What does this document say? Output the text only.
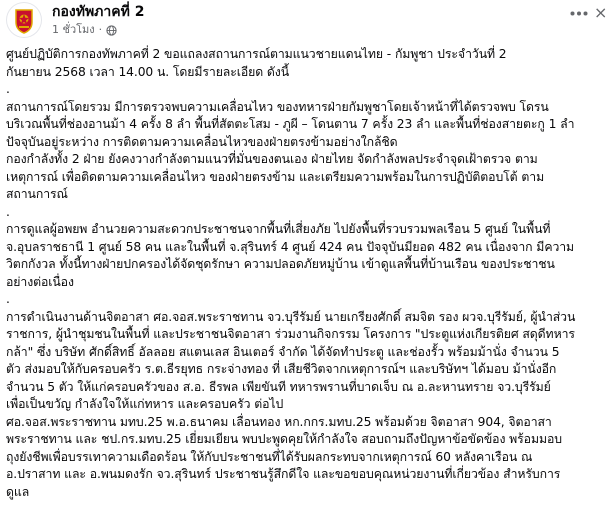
กองทัพภาคที่ 2
1 ชั่วโมง ·
×

ศูนย์ปฏิบัติการกองทัพภาคที่ 2 ขอแถลงสถานการณ์ตามแนวชายแดนไทย - กัมพูชา ประจำวันที่ 2

กันยายน 2568 เวลา 14.00 น. โดยมีรายละเอียด ดังนี้

.

สถานการณ์โดยรวม มีการตรวจพบความเคลื่อนไหว ของทหารฝ่ายกัมพูชาโดยเจ้าหน้าที่ได้ตรวจพบ โดรน

บริเวณพื้นที่ช่องอานม้า 4 ครั้ง 8 ลำ พื้นที่สัตตะโสม - ภูผี – โดนตาน 7 ครั้ง 23 ลำ และพื้นที่ช่องสายตะกู 1 ลำ

ปัจจุบันอยู่ระหว่าง การติดตามความเคลื่อนไหวของฝ่ายตรงข้ามอย่างใกล้ชิด

กองกำลังทั้ง 2 ฝ่าย ยังคงวางกำลังตามแนวที่มั่นของตนเอง ฝ่ายไทย จัดกำลังพลประจำจุดเฝ้าตรวจ ตาม

เหตุการณ์ เพื่อติดตามความเคลื่อนไหว ของฝ่ายตรงข้าม และเตรียมความพร้อมในการปฏิบัติตอบโต้ ตาม

สถานการณ์

.

การดูแลผู้อพยพ อำนวยความสะดวกประชาชนจากพื้นที่เสี่ยงภัย ไปยังพื้นที่รวบรวมพลเรือน 5 ศูนย์ ในพื้นที่

จ.อุบลราชธานี 1 ศูนย์ 58 คน และในพื้นที่ จ.สุรินทร์ 4 ศูนย์ 424 คน ปัจจุบันมียอด 482 คน เนื่องจาก มีความ

วิตกกังวล ทั้งนี้ทางฝ่ายปกครองได้จัดชุดรักษา ความปลอดภัยหมู่บ้าน เข้าดูแลพื้นที่บ้านเรือน ของประชาชน

อย่างต่อเนื่อง

.

การดำเนินงานด้านจิตอาสา ศอ.จอส.พระราชทาน จว.บุรีรัมย์ นายเกรียงศักดิ์ สมจิต รอง ผวจ.บุรีรัมย์, ผู้นำส่วน

ราชการ, ผู้นำชุมชนในพื้นที่ และประชาชนจิตอาสา ร่วมงานกิจกรรม โครงการ "ประตูแห่งเกียรติยศ สดุดีทหาร

กล้า" ซึ่ง บริษัท ศักดิ์สิทธิ์ อัลลอย สแตนเลส อินเตอร์ จำกัด ได้จัดทำประตู และช่องรั้ว พร้อมม้านั่ง จำนวน 5

ตัว ส่งมอบให้กับครอบครัว ร.ต.ธีรยุทธ กระจ่างทอง ที่ เสียชีวิตจากเหตุการณ์ฯ และบริษัทฯ ได้มอบ ม้านั่งอีก

จำนวน 5 ตัว ให้แก่ครอบครัวของ ส.อ. ธีรพล เพียขันที ทหารพรานที่บาดเจ็บ ณ อ.ละหานทราย จว.บุรีรัมย์

เพื่อเป็นขวัญ กำลังใจให้แก่ทหาร และครอบครัว ต่อไป

ศอ.จอส.พระราชทาน มทบ.25 พ.อ.ธนาคม เลื่อนทอง หก.กกร.มทบ.25 พร้อมด้วย จิตอาสา 904, จิตอาสา

พระราชทาน และ ชป.กร.มทบ.25 เยี่ยมเยียน พบปะพูดคุยให้กำลังใจ สอบถามถึงปัญหาข้อขัดข้อง พร้อมมอบ

ถุงยังชีพเพื่อบรรเทาความเดือดร้อน ให้กับประชาชนที่ได้รับผลกระทบจากเหตุการณ์ 60 หลังคาเรือน ณ

อ.ปราสาท และ อ.พนมดงรัก จว.สุรินทร์ ประชาชนรู้สึกดีใจ และขอขอบคุณหน่วยงานที่เกี่ยวข้อง สำหรับการ

ดูแล
